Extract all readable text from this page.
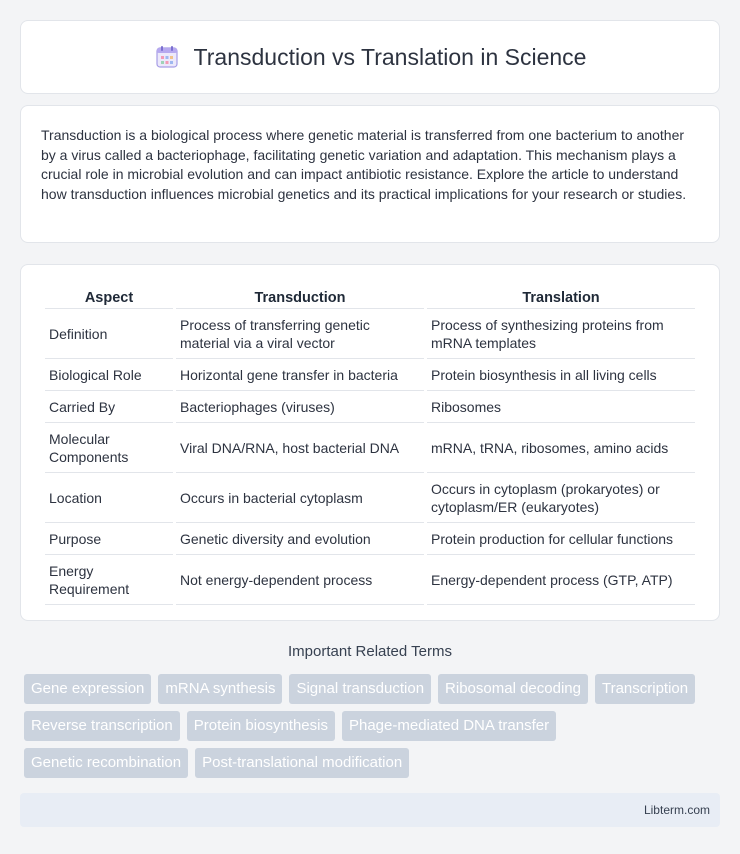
Transduction vs Translation in Science

Transduction is a biological process where genetic material is transferred from one bacterium to another by a virus called a bacteriophage, facilitating genetic variation and adaptation. This mechanism plays a crucial role in microbial evolution and can impact antibiotic resistance. Explore the article to understand how transduction influences microbial genetics and its practical implications for your research or studies.

Aspect	Transduction	Translation
Definition	Process of transferring genetic material via a viral vector	Process of synthesizing proteins from mRNA templates
Biological Role	Horizontal gene transfer in bacteria	Protein biosynthesis in all living cells
Carried By	Bacteriophages (viruses)	Ribosomes
Molecular Components	Viral DNA/RNA, host bacterial DNA	mRNA, tRNA, ribosomes, amino acids
Location	Occurs in bacterial cytoplasm	Occurs in cytoplasm (prokaryotes) or cytoplasm/ER (eukaryotes)
Purpose	Genetic diversity and evolution	Protein production for cellular functions
Energy Requirement	Not energy-dependent process	Energy-dependent process (GTP, ATP)
Important Related Terms
Gene expression	mRNA synthesis	Signal transduction	Ribosomal decoding	Transcription
Reverse transcription	Protein biosynthesis	Phage-mediated DNA transfer
Genetic recombination	Post-translational modification
Libterm.com
